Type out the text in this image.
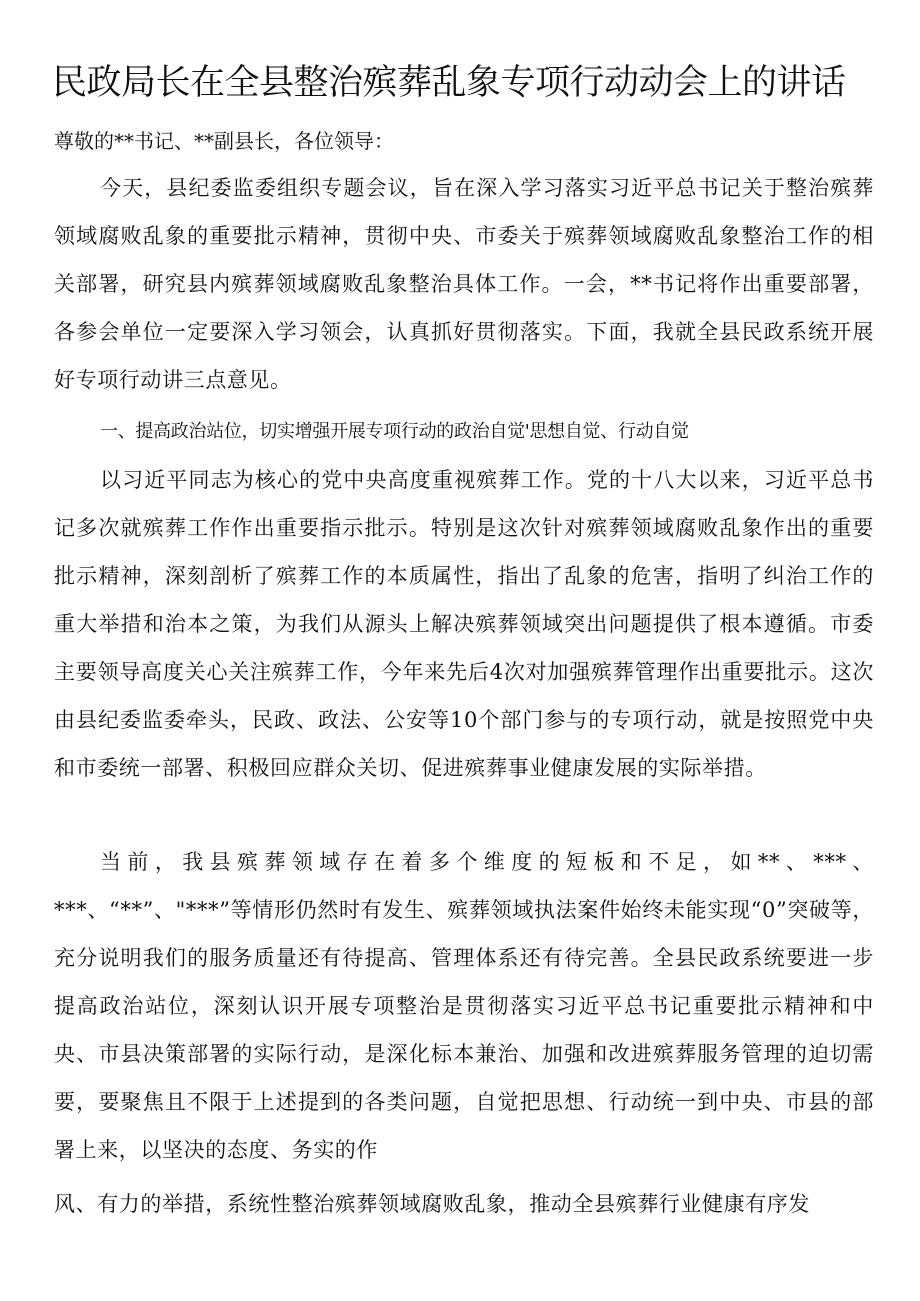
民政局长在全县整治殡葬乱象专项行动动会上的讲话
尊敬的**书记、**副县长，各位领导：

今天，县纪委监委组织专题会议，旨在深入学习落实习近平总书记关于整治殡葬领域腐败乱象的重要批示精神，贯彻中央、市委关于殡葬领域腐败乱象整治工作的相关部署，研究县内殡葬领域腐败乱象整治具体工作。一会，**书记将作出重要部署，各参会单位一定要深入学习领会，认真抓好贯彻落实。下面，我就全县民政系统开展好专项行动讲三点意见。

一、提高政治站位，切实增强开展专项行动的政治自觉'思想自觉、行动自觉

以习近平同志为核心的党中央高度重视殡葬工作。党的十八大以来，习近平总书记多次就殡葬工作作出重要指示批示。特别是这次针对殡葬领域腐败乱象作出的重要批示精神，深刻剖析了殡葬工作的本质属性，指出了乱象的危害，指明了纠治工作的重大举措和治本之策，为我们从源头上解决殡葬领域突出问题提供了根本遵循。市委主要领导高度关心关注殡葬工作，今年来先后4次对加强殡葬管理作出重要批示。这次由县纪委监委牵头，民政、政法、公安等10个部门参与的专项行动，就是按照党中央和市委统一部署、积极回应群众关切、促进殡葬事业健康发展的实际举措。

当前，我县殡葬领域存在着多个维度的短板和不足，如**、***、***、“**”、"***”等情形仍然时有发生、殡葬领域执法案件始终未能实现“0”突破等，充分说明我们的服务质量还有待提高、管理体系还有待完善。全县民政系统要进一步提高政治站位，深刻认识开展专项整治是贯彻落实习近平总书记重要批示精神和中央、市县决策部署的实际行动，是深化标本兼治、加强和改进殡葬服务管理的迫切需要，要聚焦且不限于上述提到的各类问题，自觉把思想、行动统一到中央、市县的部署上来，以坚决的态度、务实的作

风、有力的举措，系统性整治殡葬领域腐败乱象，推动全县殡葬行业健康有序发
